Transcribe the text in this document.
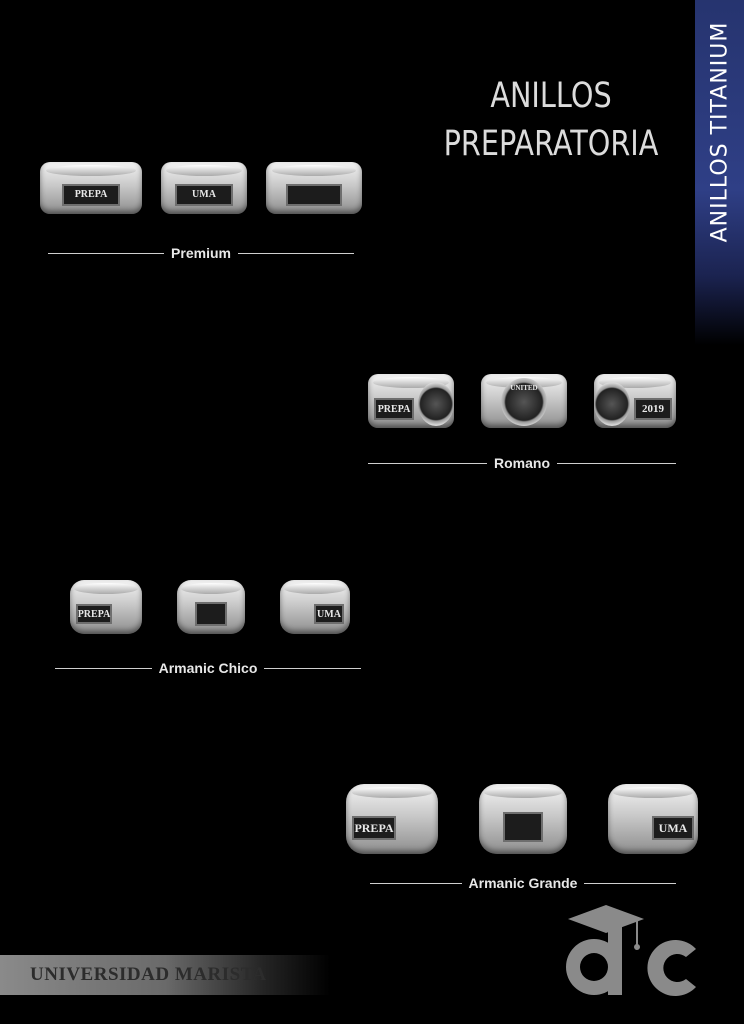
ANILLOS TITANIUM
ANILLOS
PREPARATORIA
PREPA	UMA
Premium
PREPA
UNITED
2019
Romano
PREPA	UMA
Armanic Chico
PREPA	UMA
Armanic Grande
UNIVERSIDAD MARISTA
dc
